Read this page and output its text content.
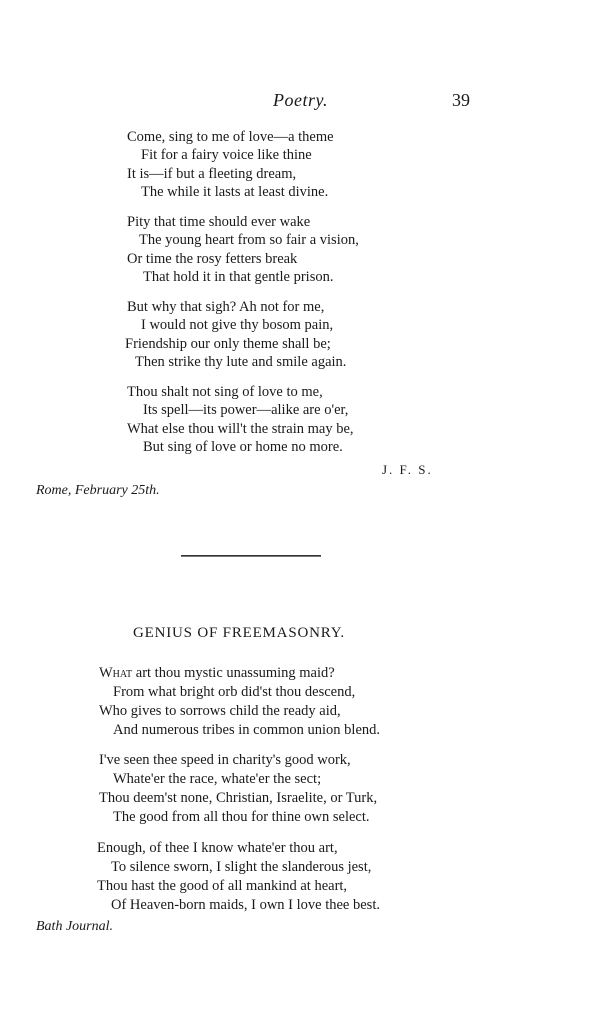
Poetry.	39
Come, sing to me of love—a theme
Fit for a fairy voice like thine
It is—if but a fleeting dream,
The while it lasts at least divine.
Pity that time should ever wake
The young heart from so fair a vision,
Or time the rosy fetters break
That hold it in that gentle prison.
But why that sigh? Ah not for me,
I would not give thy bosom pain,
Friendship our only theme shall be;
Then strike thy lute and smile again.
Thou shalt not sing of love to me,
Its spell—its power—alike are o'er,
What else thou will't the strain may be,
But sing of love or home no more.
J. F. S.
Rome, February 25th.
GENIUS OF FREEMASONRY.
What art thou mystic unassuming maid?
From what bright orb did'st thou descend,
Who gives to sorrows child the ready aid,
And numerous tribes in common union blend.
I've seen thee speed in charity's good work,
Whate'er the race, whate'er the sect;
Thou deem'st none, Christian, Israelite, or Turk,
The good from all thou for thine own select.
Enough, of thee I know whate'er thou art,
To silence sworn, I slight the slanderous jest,
Thou hast the good of all mankind at heart,
Of Heaven-born maids, I own I love thee best.
Bath Journal.
